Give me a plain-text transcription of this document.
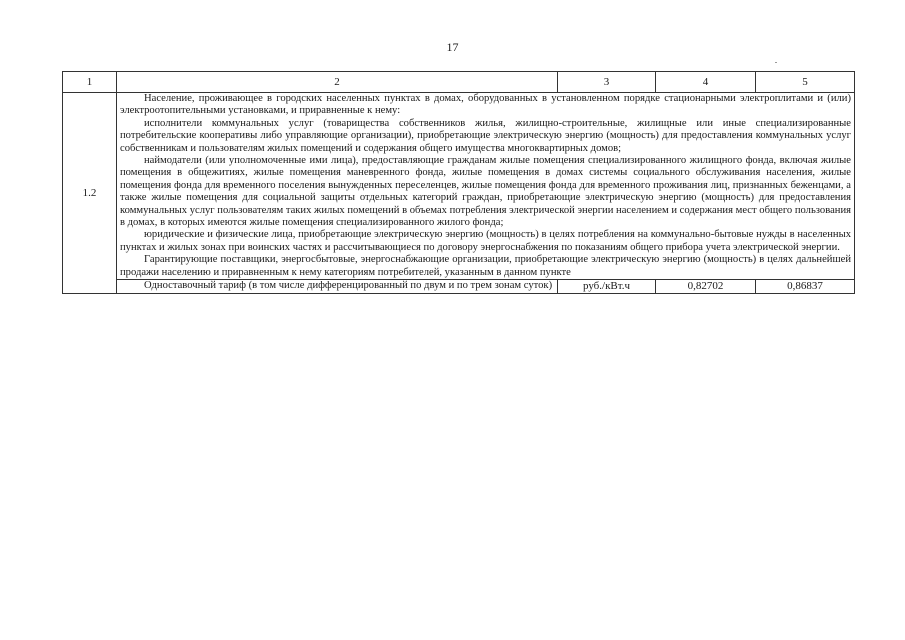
17
1	2	3	4	5
1.2	Население, проживающее в городских населенных пунктах в домах, оборудованных в установленном порядке стационарными электроплитами и (или) электроотопительными установками, и приравненные к нему:

исполнители коммунальных услуг (товарищества собственников жилья, жилищно-строительные, жилищные или иные специализированные потребительские кооперативы либо управляющие организации), приобретающие электрическую энергию (мощность) для предоставления коммунальных услуг собственникам и пользователям жилых помещений и содержания общего имущества многоквартирных домов;

наймодатели (или уполномоченные ими лица), предоставляющие гражданам жилые помещения специализированного жилищного фонда, включая жилые помещения в общежитиях, жилые помещения маневренного фонда, жилые помещения в домах системы социального обслуживания населения, жилые помещения фонда для временного поселения вынужденных переселенцев, жилые помещения фонда для временного проживания лиц, признанных беженцами, а также жилые помещения для социальной защиты отдельных категорий граждан, приобретающие электрическую энергию (мощность) для предоставления коммунальных услуг пользователям таких жилых помещений в объемах потребления электрической энергии населением и содержания мест общего пользования в домах, в которых имеются жилые помещения специализированного жилого фонда;

юридические и физические лица, приобретающие электрическую энергию (мощность) в целях потребления на коммунально-бытовые нужды в населенных пунктах и жилых зонах при воинских частях и рассчитывающиеся по договору энергоснабжения по показаниям общего прибора учета электрической энергии.

Гарантирующие поставщики, энергосбытовые, энергоснабжающие организации, приобретающие электрическую энергию (мощность) в целях дальнейшей продажи населению и приравненным к нему категориям потребителей, указанным в данном пункте			

	Одноставочный тариф (в том числе дифференцированный по двум и по трем зонам суток)	руб./кВт.ч	0,82702	0,86837
